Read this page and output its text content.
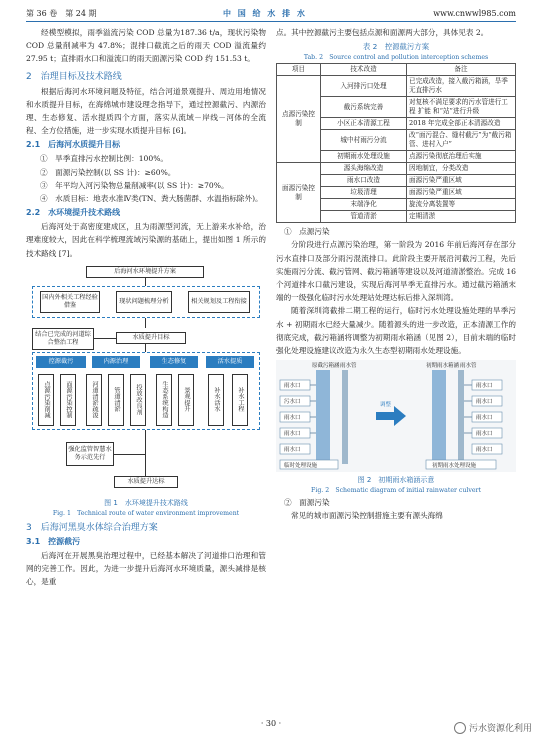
第 36 卷　第 24 期	中 国 给 水 排 水	www.cnwwl985.com

经模型模拟，雨季溢流污染 COD 总量为187.36 t/a，现状污染物 COD 总量削减率为 47.8%；混排口截流之后的雨天 COD 溢流量约 27.95 t；直排雨水口和溢流口的雨天面源污染 COD 约 151.53 t。

2　治理目标及技术路线

根据后海河水环境问题及特征，结合河道景观提升、周边用地情况和水质提升目标，在海绵城市建设理念指导下，通过控源截污、内源治理、生态修复、活水提质四个方面，落实从流域－岸线－河体的全流程、全方位措施，进一步实现水质提升目标 [6]。

2.1　后海河水质提升目标
①　旱季直排污水控制比例：100%。
②　面源污染控制(以 SS 计)：≥60%。
③　年平均入河污染物总量削减率(以 SS 计)：≥70%。
④　水质目标：地表水准Ⅳ类(TN、粪大肠菌群、水温指标除外)。
2.2　水环境提升技术路线

后海河处于高密度建成区，且为雨源型河流，无上游来水补给，治理难度较大，因此在科学梳理流域污染源的基础上，提出如图 1 所示的技术路线 [7]。

后海河水环境提升方案
国内外相关工程经验借鉴
现状问题梳理分析	相关规划及工程衔接
结合已完成的河道综合整治工程
水质提升目标
控源截污	内源治理	生态修复	活水提质
点源污染削减	面源污染控制	河道清淤疏浚	管道清淤	投放改良剂	生态系统构造	景观提升	补水活水	补水工程
强化监管智慧水务示范先行
水质提升达标
图 1　水环境提升技术路线
Fig. 1　Technical route of water environment improvement
3　后海河黑臭水体综合治理方案
3.1　控源截污

后海河在开展黑臭治理过程中，已经基本解决了河道排口治理和管网的完善工作。因此，为进一步提升后海河水环境质量，源头减排是核心，是重

点。其中控源截污主要包括点源和面源两大部分，具体见表 2。

表 2　控源截污方案
Tab. 2　Source control and pollution interception schemes
项目	技术改造	备注
点源污染控制	入河排污口处理	已完成改造，接入截污箱涵，旱季无直排污水
	截污系统完善	对复核不满足要求的污水管进行工程 扩能 和“站”进行升级
	小区正本清源工程	2018 年完成全部正本清源改造
	城中村雨污分流	改“面污混合、缝村截污”为“截污箱管、进村入户”
	初期雨水处理设施	点源污染彻底治理后实施
面源污染控制	源头海绵改造	因地制宜，分类改造
	雨水口改造	面源污染严重区域
	垃圾清理	面源污染严重区域
	末端净化	旋流分离装置等
	管道清淤	定期清淤
①　点源污染

分阶段进行点源污染治理，第一阶段为 2016 年前后海河存在部分污水直排口及部分雨污混流排口。此阶段主要开展沿河截污工程，先后实施雨污分流、截污管网、截污箱涵等建设以及河道清淤整治。完成 16 个河道排水口截污建设，实现后海河旱季无直排污水。通过截污箱涵末端的一级强化临时污水处理站处理达标后排入深圳湾。

随着深圳湾截排二期工程的运行，临时污水处理设施处理的旱季污水 + 初期雨水已经大量减少。随着源头的进一步改造，正本清源工作的彻底完成，截污箱涵将调整为初期雨水箱涵（见图 2），目前未端的临时强化处理设施建议改造为永久生态型初期雨水处理设施。

原截污箱涵 雨水管	初期雨水箱涵 雨水管
雨水口
污水口
雨水口
雨水口
雨水口
雨水口
雨水口
雨水口
雨水口
雨水口
临时处理设施	初期雨水处理设施
调整
图 2　初期雨水箱涵示意
Fig. 2　Schematic diagram of initial rainwater culvert
②　面源污染

常见的城市面源污染控制措施主要有源头海绵

· 30 ·
污水资源化利用
